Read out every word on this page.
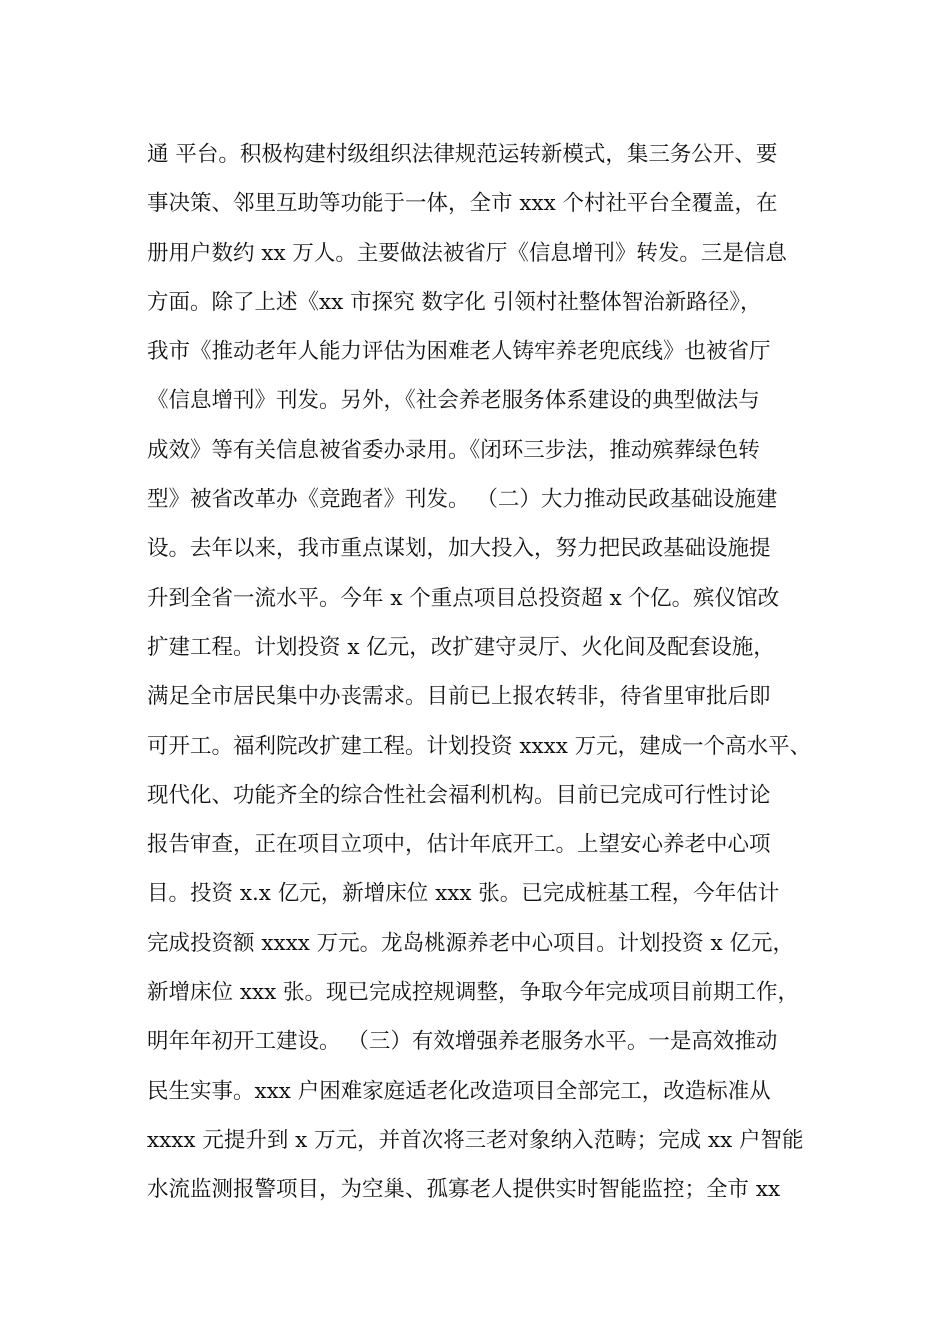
通 平台。积极构建村级组织法律规范运转新模式，集三务公开、要
事决策、邻里互助等功能于一体，全市 xxx 个村社平台全覆盖，在
册用户数约 xx 万人。主要做法被省厅《信息增刊》转发。三是信息
方面。除了上述《xx 市探究 数字化 引领村社整体智治新路径》，
我市《推动老年人能力评估为困难老人铸牢养老兜底线》也被省厅
《信息增刊》刊发。另外，《社会养老服务体系建设的典型做法与
成效》等有关信息被省委办录用。《闭环三步法，推动殡葬绿色转
型》被省改革办《竞跑者》刊发。 （二）大力推动民政基础设施建
设。去年以来，我市重点谋划，加大投入，努力把民政基础设施提
升到全省一流水平。今年 x 个重点项目总投资超 x 个亿。殡仪馆改
扩建工程。计划投资 x 亿元，改扩建守灵厅、火化间及配套设施，
满足全市居民集中办丧需求。目前已上报农转非，待省里审批后即
可开工。福利院改扩建工程。计划投资 xxxx 万元，建成一个高水平、
现代化、功能齐全的综合性社会福利机构。目前已完成可行性讨论
报告审查，正在项目立项中，估计年底开工。上望安心养老中心项
目。投资 x.x 亿元，新增床位 xxx 张。已完成桩基工程，今年估计
完成投资额 xxxx 万元。龙岛桃源养老中心项目。计划投资 x 亿元，
新增床位 xxx 张。现已完成控规调整，争取今年完成项目前期工作，
明年年初开工建设。 （三）有效增强养老服务水平。一是高效推动
民生实事。xxx 户困难家庭适老化改造项目全部完工，改造标准从
xxxx 元提升到 x 万元，并首次将三老对象纳入范畴；完成 xx 户智能
水流监测报警项目，为空巢、孤寡老人提供实时智能监控；全市 xx
